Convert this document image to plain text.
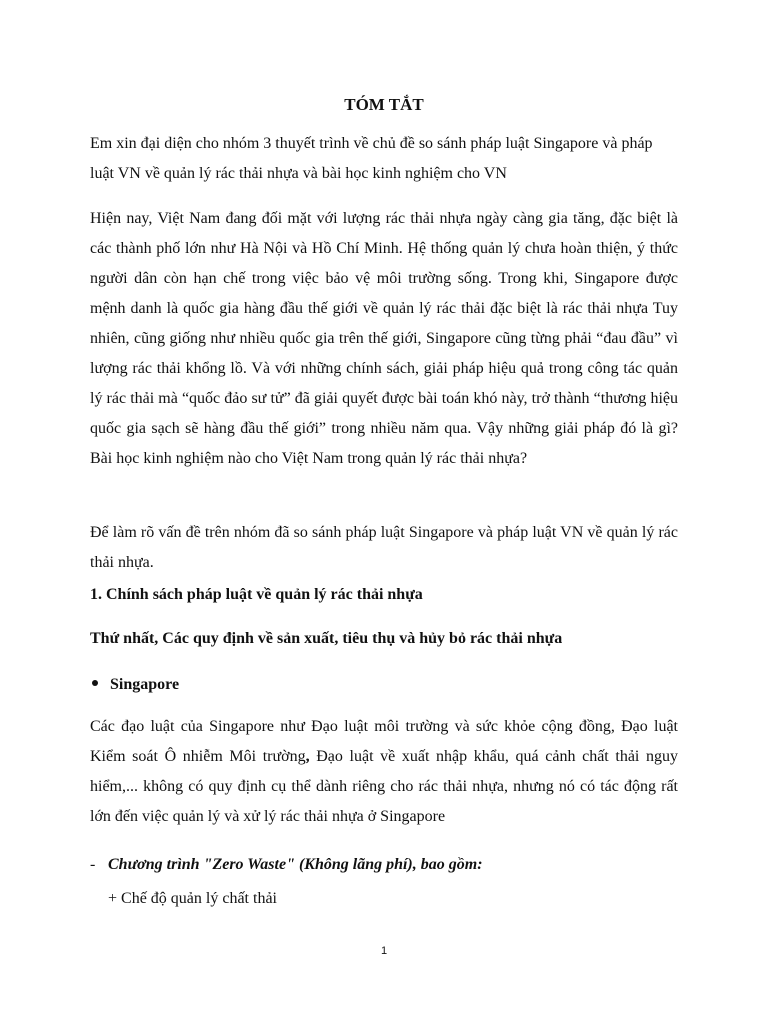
TÓM TẮT

Em xin đại diện cho nhóm 3 thuyết trình về chủ đề so sánh pháp luật Singapore và pháp luật VN về quản lý rác thải nhựa và bài học kinh nghiệm cho VN

Hiện nay, Việt Nam đang đối mặt với lượng rác thải nhựa ngày càng gia tăng, đặc biệt là các thành phố lớn như Hà Nội và Hồ Chí Minh. Hệ thống quản lý chưa hoàn thiện, ý thức người dân còn hạn chế trong việc bảo vệ môi trường sống. Trong khi, Singapore được mệnh danh là quốc gia hàng đầu thế giới về quản lý rác thải đặc biệt là rác thải nhựa Tuy nhiên, cũng giống như nhiều quốc gia trên thế giới, Singapore cũng từng phải “đau đầu” vì lượng rác thải khổng lồ. Và với những chính sách, giải pháp hiệu quả trong công tác quản lý rác thải mà “quốc đảo sư tử” đã giải quyết được bài toán khó này, trở thành “thương hiệu quốc gia sạch sẽ hàng đầu thế giới” trong nhiều năm qua. Vậy những giải pháp đó là gì? Bài học kinh nghiệm nào cho Việt Nam trong quản lý rác thải nhựa?

Để làm rõ vấn đề trên nhóm đã so sánh pháp luật Singapore và pháp luật VN về quản lý rác thải nhựa.

1. Chính sách pháp luật về quản lý rác thải nhựa

Thứ nhất, Các quy định về sản xuất, tiêu thụ và hủy bỏ rác thải nhựa

Singapore

Các đạo luật của Singapore như Đạo luật môi trường và sức khỏe cộng đồng, Đạo luật Kiểm soát Ô nhiễm Môi trường, Đạo luật về xuất nhập khẩu, quá cảnh chất thải nguy hiểm,... không có quy định cụ thể dành riêng cho rác thải nhựa, nhưng nó có tác động rất lớn đến việc quản lý và xử lý rác thải nhựa ở Singapore

- Chương trình "Zero Waste" (Không lãng phí), bao gồm:
+ Chế độ quản lý chất thải
1
